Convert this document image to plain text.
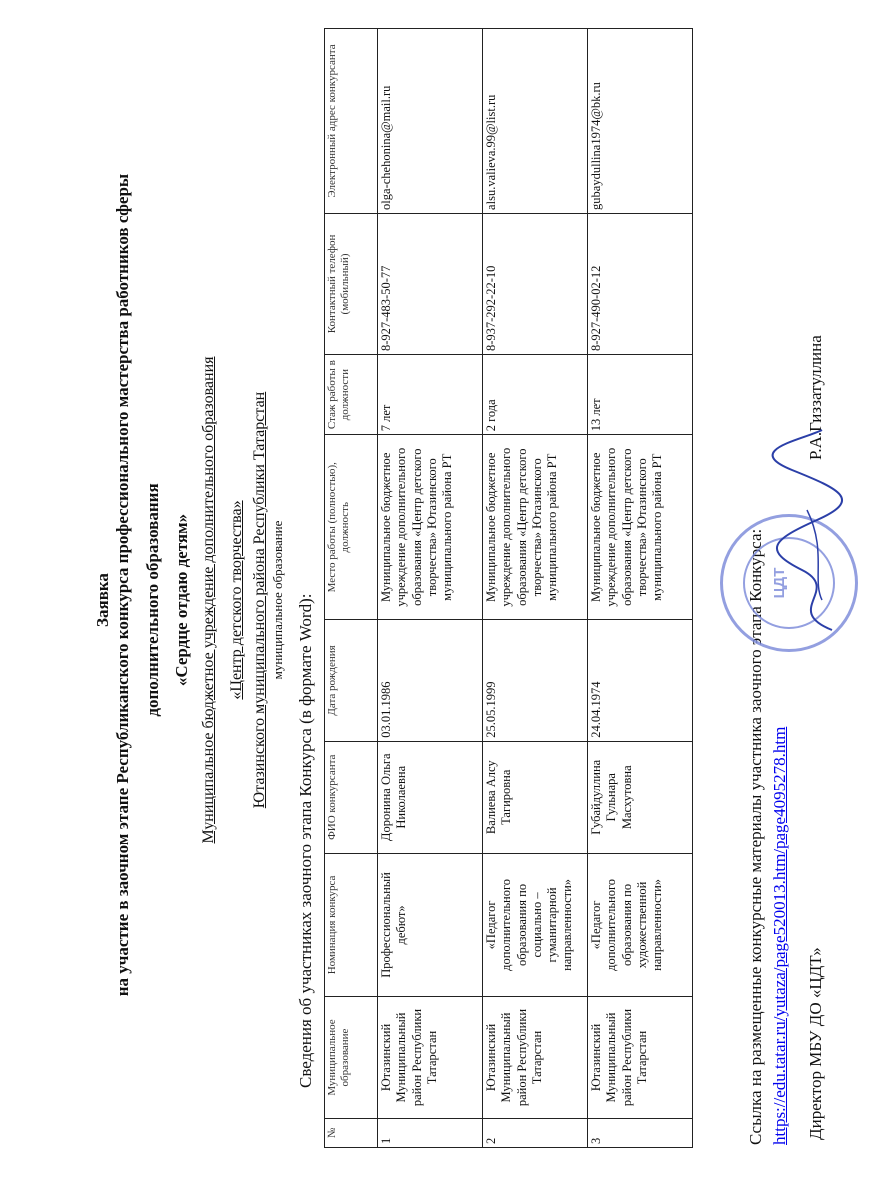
Заявка на участие в заочном этапе Республиканского конкурса профессионального мастерства работников сферы дополнительного образования «Сердце отдаю детям» Муниципальное бюджетное учреждение дополнительного образования «Центр детского творчества» Ютазинского муниципального района Республики Татарстан муниципальное образование Сведения об участниках заочного этапа Конкурса (в формате Word):
№	Муниципальное образование	Номинация конкурса	ФИО конкурсанта	Дата рождения	Место работы (полностью), должность	Стаж работы в должности	Контактный телефон (мобильный)	Электронный адрес конкурсанта
1	Ютазинский Муниципальный район Республики Татарстан	Профессиональный дебют»	Доронина Ольга Николаевна	03.01.1986	Муниципальное бюджетное учреждение дополнительного образования «Центр детского творчества» Ютазинского муниципального района РТ	7 лет	8-927-483-50-77	olga-chehonina@mail.ru
2	Ютазинский Муниципальный район Республики Татарстан	«Педагог дополнительного образования по социально – гуманитарной направленности»	Валиева Алсу Тагировна	25.05.1999	Муниципальное бюджетное учреждение дополнительного образования «Центр детского творчества» Ютазинского муниципального района РТ	2 года	8-937-292-22-10	alsu.valieva.99@list.ru
3	Ютазинский Муниципальный район Республики Татарстан	«Педагог дополнительного образования по художественной направленности»	Губайдуллина Гульнара Масхутовна	24.04.1974	Муниципальное бюджетное учреждение дополнительного образования «Центр детского творчества» Ютазинского муниципального района РТ	13 лет	8-927-490-02-12	gubaydullina1974@bk.ru
Ссылка на размещенные конкурсные материалы участника заочного этапа Конкурса: https://edu.tatar.ru/yutaza/page520013.htm/page4095278.htm Директор МБУ ДО «ЦДТ»
Р.А.Гиззатуллина
ЦДТ
